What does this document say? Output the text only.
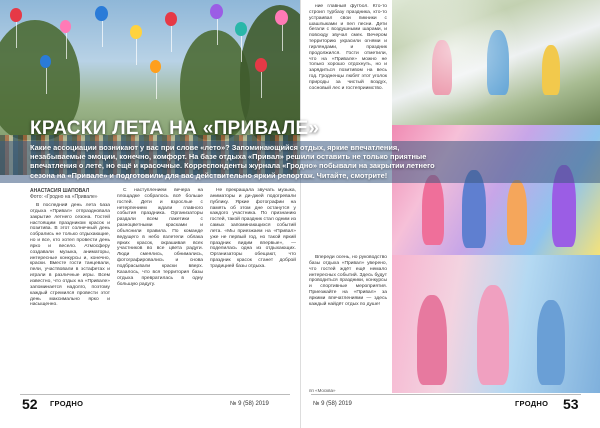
АНАСТАСИЯ ШАПОВАЛ
Фото: «Гродно на «Привале»

В последний день лета база отдыха «Привал» отпраздновала закрытие летнего сезона. Гостей настоящим праздником красок и позитива. В этот солнечный день собрались не только отдыхающие, но и все, кто хотел провести день ярко и весело. Атмосферу создавали музыка, аниматоры, интересные конкурсы и, конечно, краски. Вместе гости танцевали, пели, участвовали в эстафетах и играли в различные игры. Всем известно, что отдых на «Привале» запоминается надолго, поэтому каждый стремился провести этот день максимально ярко и насыщенно.

С наступлением вечера на площадке собралось всё больше гостей. Дети и взрослые с нетерпением ждали главного события праздника. Организаторы раздали всем пакетики с разноцветными красками и объяснили правила. По команде ведущего в небо взлетели облака ярких красок, окрашивая всех участников во все цвета радуги. Люди смеялись, обнимались, фотографировались и снова подбрасывали краски вверх. Казалось, что вся территория базы отдыха превратилась в одну большую радугу.

Не прекращала звучать музыка, аниматоры и ди-джей подогревали публику. Яркие фотографии на память об этом дне останутся у каждого участника. По признанию гостей, такой праздник стал одним из самых запоминающихся событий лета. «Мы приезжаем на «Привал» уже не первый год, но такой яркий праздник видим впервые», — поделилась одна из отдыхающих. Организаторы обещают, что праздник красок станет доброй традицией базы отдыха.

52 ГРОДНО	№ 9 (58) 2019

ние главный футбол. Кто-то строил турбазу праздника, кто-то устраивал свои пикники с шашлыками и пел песни. Дети бегали с воздушными шарами, и повсюду звучал смех. Вечером территорию украсили огнями и гирляндами, и праздник продолжился. Гости отметили, что на «Привале» можно не только хорошо отдохнуть, но и зарядиться позитивом на весь год. Гродненцы любят этот уголок природы за чистый воздух, сосновый лес и гостеприимство.

Впереди осень, но руководство базы отдыха «Привал» уверено, что гостей ждёт ещё немало интересных событий. Здесь будут проводиться праздники, конкурсы и спортивные мероприятия. Приезжайте на «Привал» за яркими впечатлениями — здесь каждый найдёт отдых по душе!

пп «Москва»
№ 9 (58) 2019	ГРОДНО 53
КРАСКИ ЛЕТА НА «ПРИВАЛЕ»
Какие ассоциации возникают у вас при слове «лето»? Запоминающийся отдых, яркие впечатления, незабываемые эмоции, конечно, комфорт. На базе отдыха «Привал» решили оставить не только приятные впечатления о лете, но ещё и красочные. Корреспонденты журнала «Гродно» побывали на закрытии летнего сезона на «Привале» и подготовили для вас действительно яркий репортаж. Читайте, смотрите!
